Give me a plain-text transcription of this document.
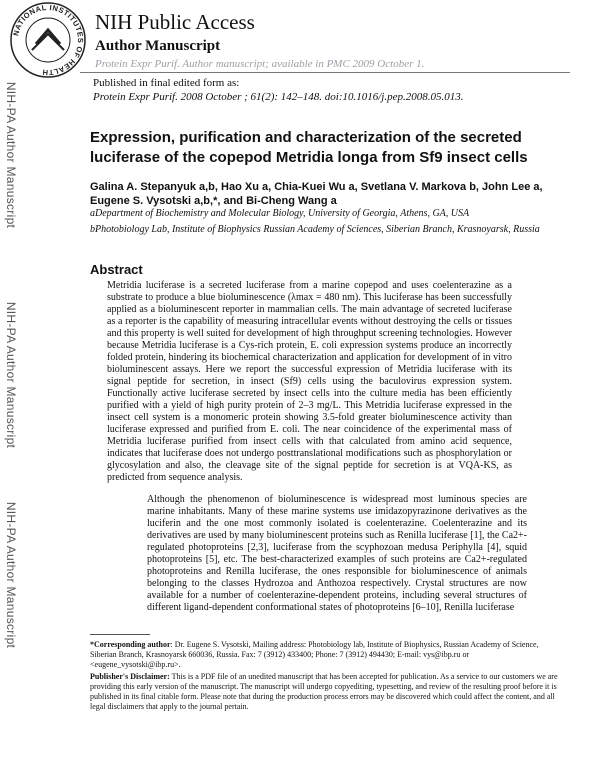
NATIONAL INSTITUTES OF HEALTH
NIH Public Access
Author Manuscript
Protein Expr Purif. Author manuscript; available in PMC 2009 October 1.
Published in final edited form as:
Protein Expr Purif. 2008 October ; 61(2): 142–148. doi:10.1016/j.pep.2008.05.013.
NIH-PA Author Manuscript
NIH-PA Author Manuscript
NIH-PA Author Manuscript
Expression, purification and characterization of the secreted luciferase of the copepod Metridia longa from Sf9 insect cells
Galina A. Stepanyuk a,b, Hao Xu a, Chia-Kuei Wu a, Svetlana V. Markova b, John Lee a, Eugene S. Vysotski a,b,*, and Bi-Cheng Wang a
aDepartment of Biochemistry and Molecular Biology, University of Georgia, Athens, GA, USA
bPhotobiology Lab, Institute of Biophysics Russian Academy of Sciences, Siberian Branch, Krasnoyarsk, Russia
Abstract
Metridia luciferase is a secreted luciferase from a marine copepod and uses coelenterazine as a substrate to produce a blue bioluminescence (λmax = 480 nm). This luciferase has been successfully applied as a bioluminescent reporter in mammalian cells. The main advantage of secreted luciferase as a reporter is the capability of measuring intracellular events without destroying the cells or tissues and this property is well suited for development of high throughput screening technologies. However because Metridia luciferase is a Cys-rich protein, E. coli expression systems produce an incorrectly folded protein, hindering its biochemical characterization and application for development of in vitro bioluminescent assays. Here we report the successful expression of Metridia luciferase with its signal peptide for secretion, in insect (Sf9) cells using the baculovirus expression system. Functionally active luciferase secreted by insect cells into the culture media has been efficiently purified with a yield of high purity protein of 2–3 mg/L. This Metridia luciferase expressed in the insect cell system is a monomeric protein showing 3.5-fold greater bioluminescence activity than luciferase expressed and purified from E. coli. The near coincidence of the experimental mass of Metridia luciferase purified from insect cells with that calculated from amino acid sequence, indicates that luciferase does not undergo posttranslational modifications such as phosphorylation or glycosylation and also, the cleavage site of the signal peptide for secretion is at VQA-KS, as predicted from sequence analysis.
Although the phenomenon of bioluminescence is widespread most luminous species are marine inhabitants. Many of these marine systems use imidazopyrazinone derivatives as the luciferin and the one most commonly isolated is coelenterazine. Coelenterazine and its derivatives are used by many bioluminescent proteins such as Renilla luciferase [1], the Ca2+-regulated photoproteins [2,3], luciferase from the scyphozoan medusa Periphylla [4], squid photoproteins [5], etc. The best-characterized examples of such proteins are Ca2+-regulated photoproteins and Renilla luciferase, the ones responsible for bioluminescence of animals belonging to the classes Hydrozoa and Anthozoa respectively. Crystal structures are now available for a number of coelenterazine-dependent proteins, including several structures of different ligand-dependent conformational states of photoproteins [6–10], Renilla luciferase
*Corresponding author: Dr. Eugene S. Vysotski, Mailing address: Photobiology lab, Institute of Biophysics, Russian Academy of Science, Siberian Branch, Krasnoyarsk 660036, Russia. Fax: 7 (3912) 433400; Phone: 7 (3912) 494430; E-mail: vys@ibp.ru or <eugene_vysotski@ibp.ru>.
Publisher's Disclaimer: This is a PDF file of an unedited manuscript that has been accepted for publication. As a service to our customers we are providing this early version of the manuscript. The manuscript will undergo copyediting, typesetting, and review of the resulting proof before it is published in its final citable form. Please note that during the production process errors may be discovered which could affect the content, and all legal disclaimers that apply to the journal pertain.
